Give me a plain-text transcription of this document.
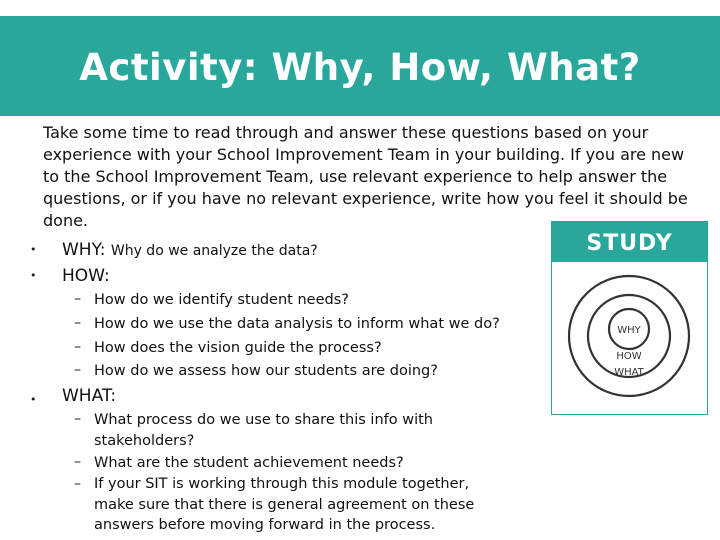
Activity: Why, How, What?
Take some time to read through and answer these questions based on your experience with your School Improvement Team in your building. If you are new to the School Improvement Team, use relevant experience to help answer the questions, or if you have no relevant experience, write how you feel it should be done.
• WHY: Why do we analyze the data?
• HOW:
– How do we identify student needs?
– How do we use the data analysis to inform what we do?
– How does the vision guide the process?
– How do we assess how our students are doing?
• WHAT:
– What process do we use to share this info with stakeholders?
– What are the student achievement needs?
– If your SIT is working through this module together, make sure that there is general agreement on these answers before moving forward in the process.
STUDY
WHY
HOW
WHAT
